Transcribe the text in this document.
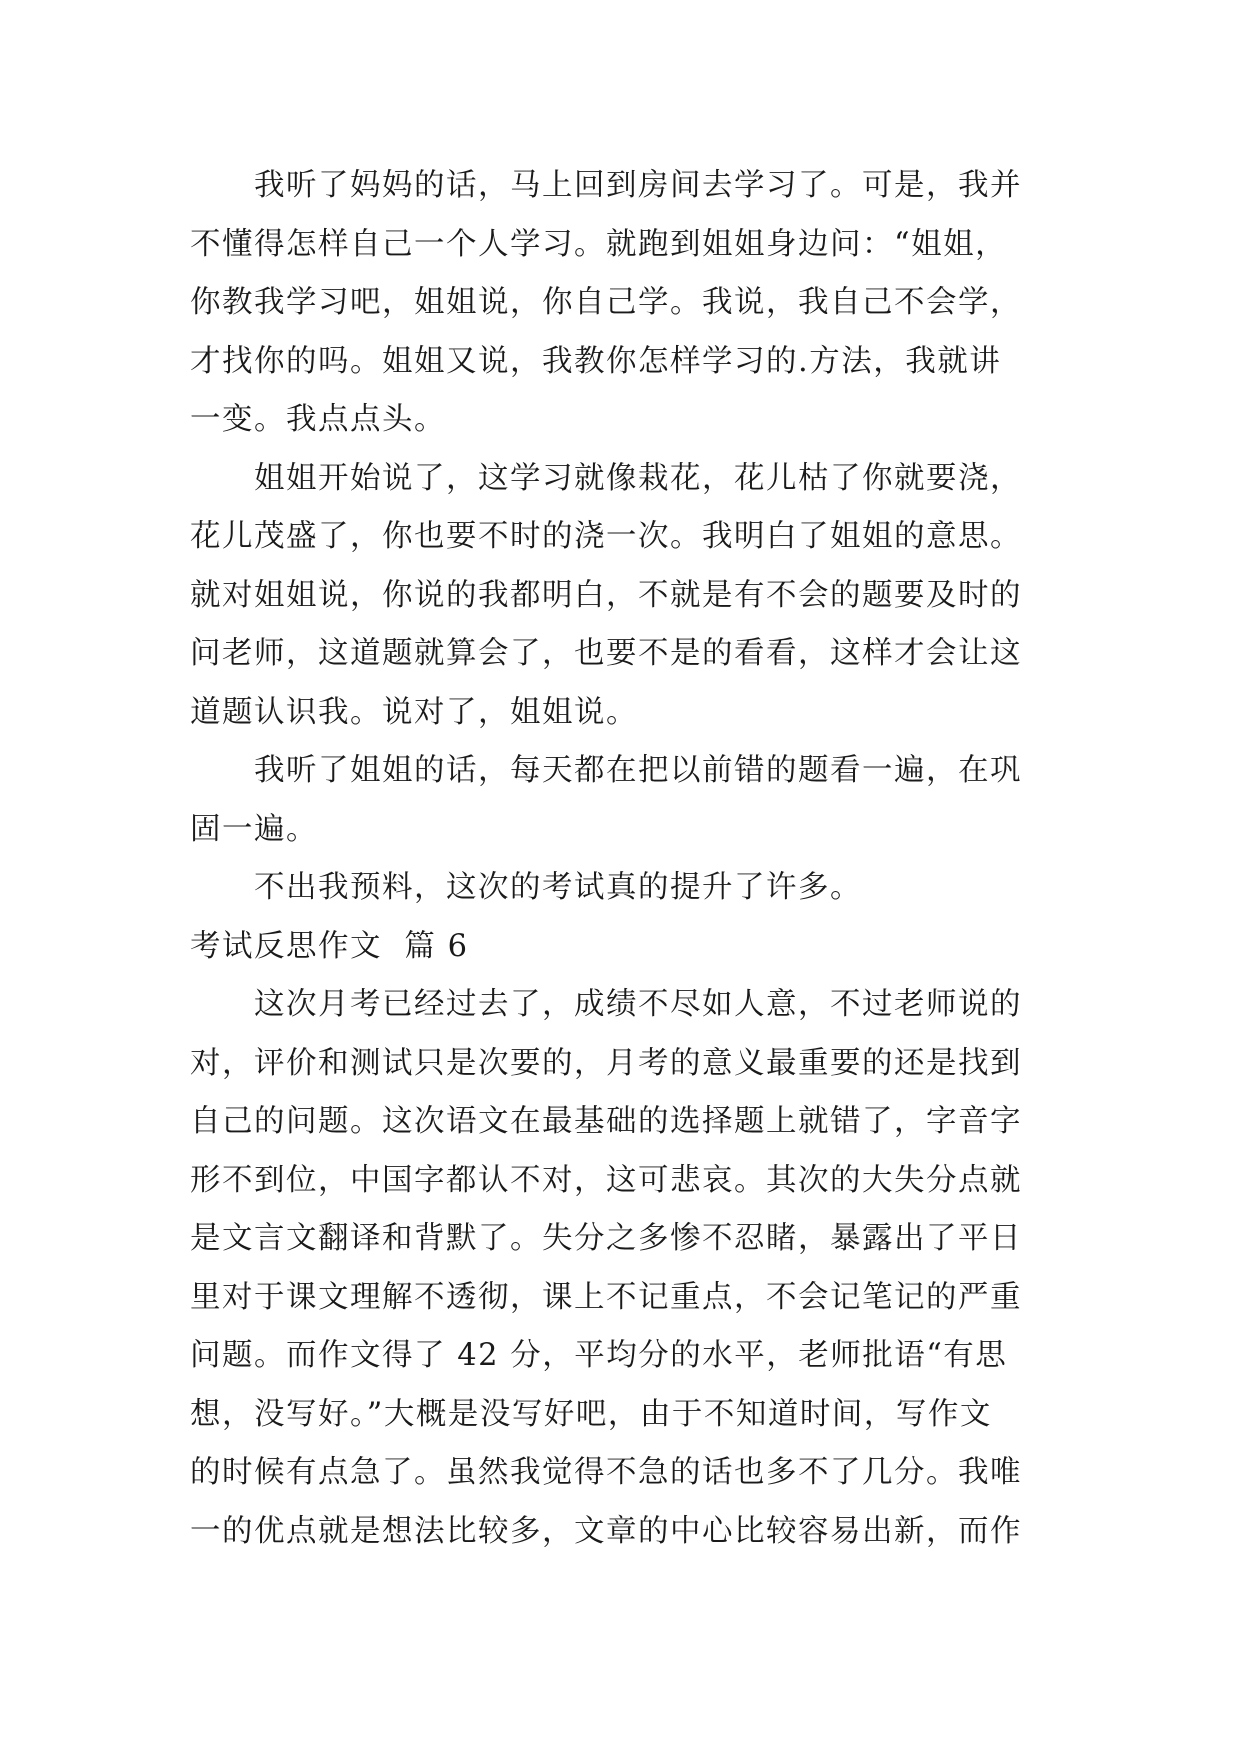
我听了妈妈的话，马上回到房间去学习了。可是，我并
不懂得怎样自己一个人学习。就跑到姐姐身边问：“姐姐，
你教我学习吧，姐姐说，你自己学。我说，我自己不会学，
才找你的吗。姐姐又说，我教你怎样学习的.方法，我就讲
一变。我点点头。
姐姐开始说了，这学习就像栽花，花儿枯了你就要浇，
花儿茂盛了，你也要不时的浇一次。我明白了姐姐的意思。
就对姐姐说，你说的我都明白，不就是有不会的题要及时的
问老师，这道题就算会了，也要不是的看看，这样才会让这
道题认识我。说对了，姐姐说。
我听了姐姐的话，每天都在把以前错的题看一遍，在巩
固一遍。
不出我预料，这次的考试真的提升了许多。
考试反思作文  篇 6
这次月考已经过去了，成绩不尽如人意，不过老师说的
对，评价和测试只是次要的，月考的意义最重要的还是找到
自己的问题。这次语文在最基础的选择题上就错了，字音字
形不到位，中国字都认不对，这可悲哀。其次的大失分点就
是文言文翻译和背默了。失分之多惨不忍睹，暴露出了平日
里对于课文理解不透彻，课上不记重点，不会记笔记的严重
问题。而作文得了 42 分，平均分的水平，老师批语“有思
想，没写好。”大概是没写好吧，由于不知道时间，写作文
的时候有点急了。虽然我觉得不急的话也多不了几分。我唯
一的优点就是想法比较多，文章的中心比较容易出新，而作
